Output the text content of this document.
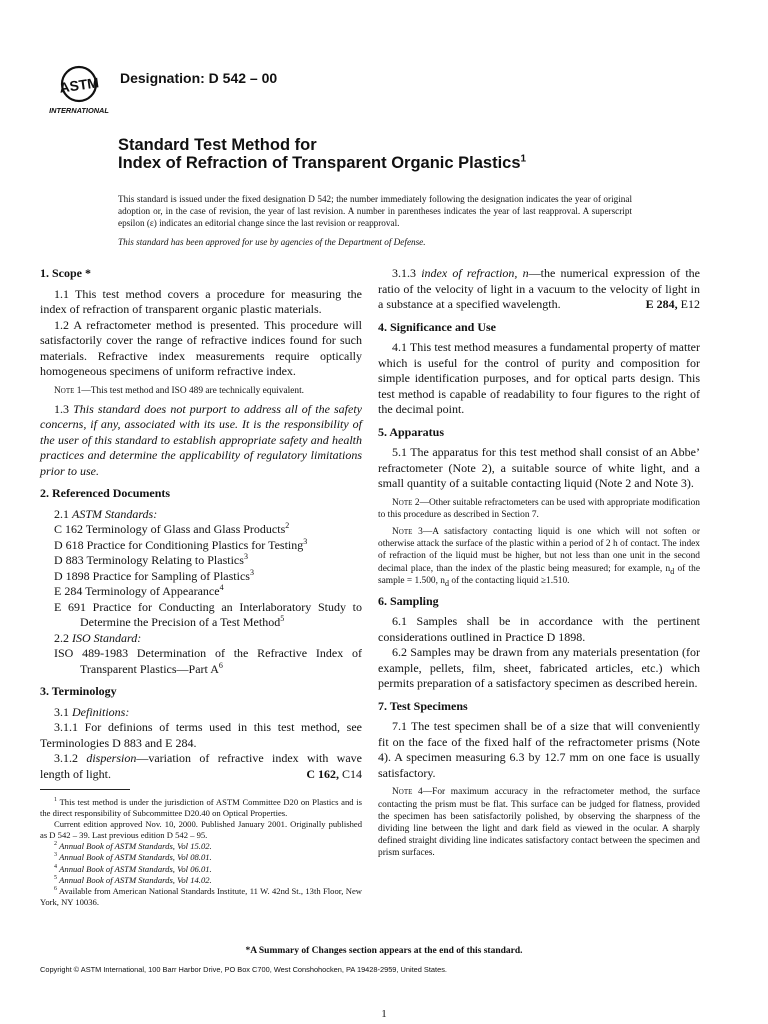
ASTM
INTERNATIONAL
Designation: D 542 – 00
Standard Test Method for
Index of Refraction of Transparent Organic Plastics$^1$
This standard is issued under the fixed designation D 542; the number immediately following the designation indicates the year of original adoption or, in the case of revision, the year of last revision. A number in parentheses indicates the year of last reapproval. A superscript epsilon (ε) indicates an editorial change since the last revision or reapproval.
This standard has been approved for use by agencies of the Department of Defense.
1. Scope *

1.1 This test method covers a procedure for measuring the index of refraction of transparent organic plastic materials.

1.2 A refractometer method is presented. This procedure will satisfactorily cover the range of refractive indices found for such materials. Refractive index measurements require optically homogeneous specimens of uniform refractive index.

Note 1—This test method and ISO 489 are technically equivalent.

1.3 This standard does not purport to address all of the safety concerns, if any, associated with its use. It is the responsibility of the user of this standard to establish appropriate safety and health practices and determine the applicability of regulatory limitations prior to use.

2. Referenced Documents

2.1 ASTM Standards:

C 162 Terminology of Glass and Glass Products$^2$

D 618 Practice for Conditioning Plastics for Testing$^3$

D 883 Terminology Relating to Plastics$^3$

D 1898 Practice for Sampling of Plastics$^3$

E 284 Terminology of Appearance$^4$

E 691 Practice for Conducting an Interlaboratory Study to Determine the Precision of a Test Method$^5$

2.2 ISO Standard:

ISO 489-1983 Determination of the Refractive Index of Transparent Plastics—Part $A^6$

3. Terminology

3.1 Definitions:

3.1.1 For definions of terms used in this test method, see Terminologies D 883 and E 284.

3.1.2 dispersion—variation of refractive index with wave length of light.	C 162, C14

$^1$ This test method is under the jurisdiction of ASTM Committee D20 on Plastics and is the direct responsibility of Subcommittee D20.40 on Optical Properties.

Current edition approved Nov. 10, 2000. Published January 2001. Originally published as D 542 – 39. Last previous edition D 542 – 95.

$^2$ Annual Book of ASTM Standards, Vol 15.02.

$^3$ Annual Book of ASTM Standards, Vol 08.01.

$^4$ Annual Book of ASTM Standards, Vol 06.01.

$^5$ Annual Book of ASTM Standards, Vol 14.02.

$^6$ Available from American National Standards Institute, 11 W. 42nd St., 13th Floor, New York, NY 10036.

3.1.3 index of refraction, n—the numerical expression of the ratio of the velocity of light in a vacuum to the velocity of light in a substance at a specified wavelength.	E 284, E12

4. Significance and Use

4.1 This test method measures a fundamental property of matter which is useful for the control of purity and composition for simple identification purposes, and for optical parts design. This test method is capable of readability to four figures to the right of the decimal point.

5. Apparatus

5.1 The apparatus for this test method shall consist of an Abbe’ refractometer (Note 2), a suitable source of white light, and a small quantity of a suitable contacting liquid (Note 2 and Note 3).

Note 2—Other suitable refractometers can be used with appropriate modification to this procedure as described in Section 7.

Note 3—A satisfactory contacting liquid is one which will not soften or otherwise attack the surface of the plastic within a period of 2 h of contact. The index of refraction of the liquid must be higher, but not less than one unit in the second decimal place, than the index of the plastic being measured; for example, $n_d$ of the sample = 1.500, $n_d$ of the contacting liquid ≥1.510.

6. Sampling

6.1 Samples shall be in accordance with the pertinent considerations outlined in Practice D 1898.

6.2 Samples may be drawn from any materials presentation (for example, pellets, film, sheet, fabricated articles, etc.) which permits preparation of a satisfactory specimen as described herein.

7. Test Specimens

7.1 The test specimen shall be of a size that will conveniently fit on the face of the fixed half of the refractometer prisms (Note 4). A specimen measuring 6.3 by 12.7 mm on one face is usually satisfactory.

Note 4—For maximum accuracy in the refractometer method, the surface contacting the prism must be flat. This surface can be judged for flatness, provided the specimen has been satisfactorily polished, by observing the sharpness of the dividing line between the light and dark field as viewed in the ocular. A sharply defined straight dividing line indicates satisfactory contact between the specimen and prism surfaces.

*A Summary of Changes section appears at the end of this standard.
Copyright © ASTM International, 100 Barr Harbor Drive, PO Box C700, West Conshohocken, PA 19428-2959, United States.
1
